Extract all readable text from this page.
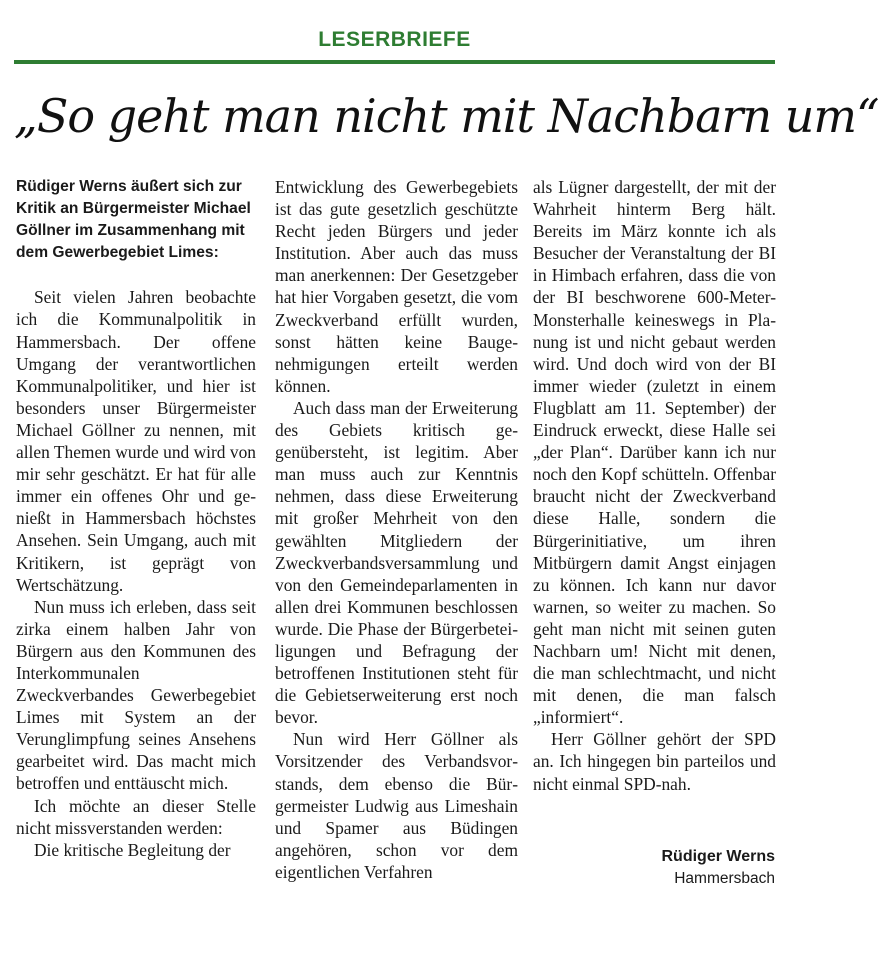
LESERBRIEFE
„So geht man nicht mit Nachbarn um“
Rüdiger Werns äußert sich zur Kritik an Bürgermeister Michael Göllner im Zusammenhang mit dem Gewerbegebiet Limes:

Seit vielen Jahren beobachte ich die Kommunalpolitik in Hammersbach. Der offene Umgang der verantwortlichen Kommunalpolitiker, und hier ist besonders unser Bürgermeister Michael Göllner zu nennen, mit allen Themen wurde und wird von mir sehr geschätzt. Er hat für alle immer ein offenes Ohr und genießt in Hammersbach höchstes Ansehen. Sein Umgang, auch mit Kritikern, ist geprägt von Wertschätzung.

Nun muss ich erleben, dass seit zirka einem halben Jahr von Bürgern aus den Kommunen des Interkommunalen Zweckverbandes Gewerbegebiet Limes mit System an der Verunglimpfung seines Ansehens gearbeitet wird. Das macht mich betroffen und enttäuscht mich.

Ich möchte an dieser Stelle nicht missverstanden werden:

Die kritische Begleitung der

Entwicklung des Gewerbegebiets ist das gute gesetzlich geschützte Recht jeden Bürgers und jeder Institution. Aber auch das muss man anerkennen: Der Gesetzgeber hat hier Vorgaben gesetzt, die vom Zweckverband erfüllt wurden, sonst hätten keine Baugenehmigungen erteilt werden können.

Auch dass man der Erweiterung des Gebiets kritisch gegenübersteht, ist legitim. Aber man muss auch zur Kenntnis nehmen, dass diese Erweiterung mit großer Mehrheit von den gewählten Mitgliedern der Zweckverbandsversammlung und von den Gemeindeparlamenten in allen drei Kommunen beschlossen wurde. Die Phase der Bürgerbeteiligungen und Befragung der betroffenen Institutionen steht für die Gebietserweiterung erst noch bevor.

Nun wird Herr Göllner als Vorsitzender des Verbandsvorstands, dem ebenso die Bürgermeister Ludwig aus Limeshain und Spamer aus Büdingen angehören, schon vor dem eigentlichen Verfahren

als Lügner dargestellt, der mit der Wahrheit hinterm Berg hält. Bereits im März konnte ich als Besucher der Veranstaltung der BI in Himbach erfahren, dass die von der BI beschworene 600-Meter-Monsterhalle keineswegs in Planung ist und nicht gebaut werden wird. Und doch wird von der BI immer wieder (zuletzt in einem Flugblatt am 11. September) der Eindruck erweckt, diese Halle sei „der Plan“. Darüber kann ich nur noch den Kopf schütteln. Offenbar braucht nicht der Zweckverband diese Halle, sondern die Bürgerinitiative, um ihren Mitbürgern damit Angst einjagen zu können. Ich kann nur davor warnen, so weiter zu machen. So geht man nicht mit seinen guten Nachbarn um! Nicht mit denen, die man schlechtmacht, und nicht mit denen, die man falsch „informiert“.

Herr Göllner gehört der SPD an. Ich hingegen bin parteilos und nicht einmal SPD-nah.

Rüdiger Werns
Hammersbach
